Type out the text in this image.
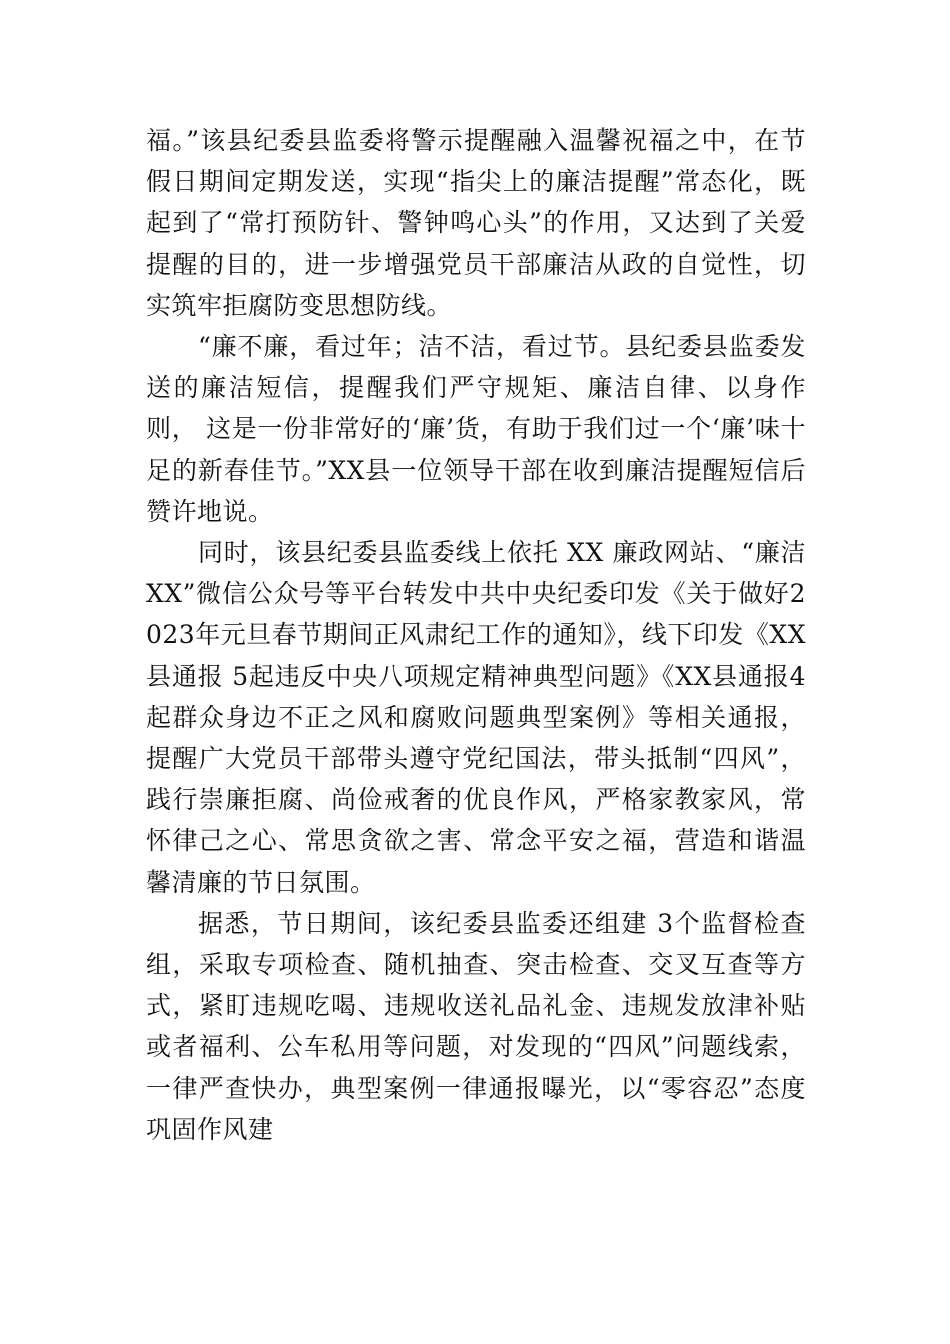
福。”该县纪委县监委将警示提醒融入温馨祝福之中，在节假日期间定期发送，实现“指尖上的廉洁提醒”常态化，既起到了“常打预防针、警钟鸣心头”的作用，又达到了关爱提醒的目的，进一步增强党员干部廉洁从政的自觉性，切实筑牢拒腐防变思想防线。

“廉不廉，看过年；洁不洁，看过节。县纪委县监委发送的廉洁短信，提醒我们严守规矩、廉洁自律、以身作则， 这是一份非常好的‘廉’货，有助于我们过一个‘廉’味十足的新春佳节。”XX县一位领导干部在收到廉洁提醒短信后赞许地说。

同时，该县纪委县监委线上依托 XX 廉政网站、“廉洁XX”微信公众号等平台转发中共中央纪委印发《关于做好2023年元旦春节期间正风肃纪工作的通知》，线下印发《XX县通报 5起违反中央八项规定精神典型问题》《XX县通报4起群众身边不正之风和腐败问题典型案例》等相关通报，提醒广大党员干部带头遵守党纪国法，带头抵制“四风”，践行崇廉拒腐、尚俭戒奢的优良作风，严格家教家风，常怀律己之心、常思贪欲之害、常念平安之福，营造和谐温馨清廉的节日氛围。

据悉，节日期间，该纪委县监委还组建 3个监督检查组，采取专项检查、随机抽查、突击检查、交叉互查等方式，紧盯违规吃喝、违规收送礼品礼金、违规发放津补贴或者福利、公车私用等问题，对发现的“四风”问题线索，一律严查快办，典型案例一律通报曝光，以“零容忍”态度巩固作风建
